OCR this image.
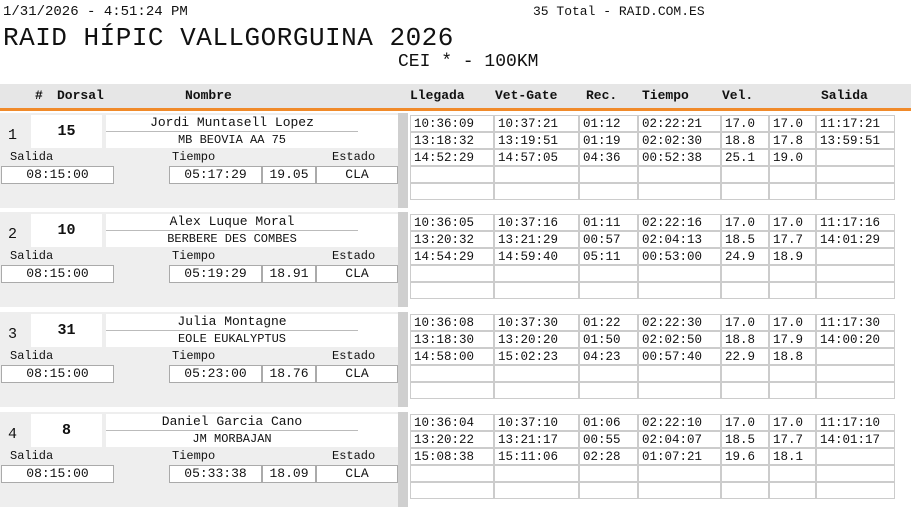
1/31/2026 - 4:51:24 PM	35 Total - RAID.COM.ES
RAID HÍPIC VALLGORGUINA 2026
CEI * - 100KM
# Dorsal	Nombre	Llegada Vet-Gate Rec. Tiempo	Vel.	Salida
1	15
Jordi Muntasell Lopez
MB BEOVIA AA 75
Salida	Tiempo	Estado
08:15:00	05:17:29	19.05	CLA
10:36:09	10:37:21	01:12	02:22:21	17.0	17.0	11:17:21
13:18:32	13:19:51	01:19	02:02:30	18.8	17.8	13:59:51
14:52:29	14:57:05	04:36	00:52:38	25.1	19.0
2	10
Alex Luque Moral
BERBERE DES COMBES
Salida	Tiempo	Estado
08:15:00	05:19:29	18.91	CLA
10:36:05	10:37:16	01:11	02:22:16	17.0	17.0	11:17:16
13:20:32	13:21:29	00:57	02:04:13	18.5	17.7	14:01:29
14:54:29	14:59:40	05:11	00:53:00	24.9	18.9
3	31
Julia Montagne
EOLE EUKALYPTUS
Salida	Tiempo	Estado
08:15:00	05:23:00	18.76	CLA
10:36:08	10:37:30	01:22	02:22:30	17.0	17.0	11:17:30
13:18:30	13:20:20	01:50	02:02:50	18.8	17.9	14:00:20
14:58:00	15:02:23	04:23	00:57:40	22.9	18.8
4	8
Daniel Garcia Cano
JM MORBAJAN
Salida	Tiempo	Estado
08:15:00	05:33:38	18.09	CLA
10:36:04	10:37:10	01:06	02:22:10	17.0	17.0	11:17:10
13:20:22	13:21:17	00:55	02:04:07	18.5	17.7	14:01:17
15:08:38	15:11:06	02:28	01:07:21	19.6	18.1
